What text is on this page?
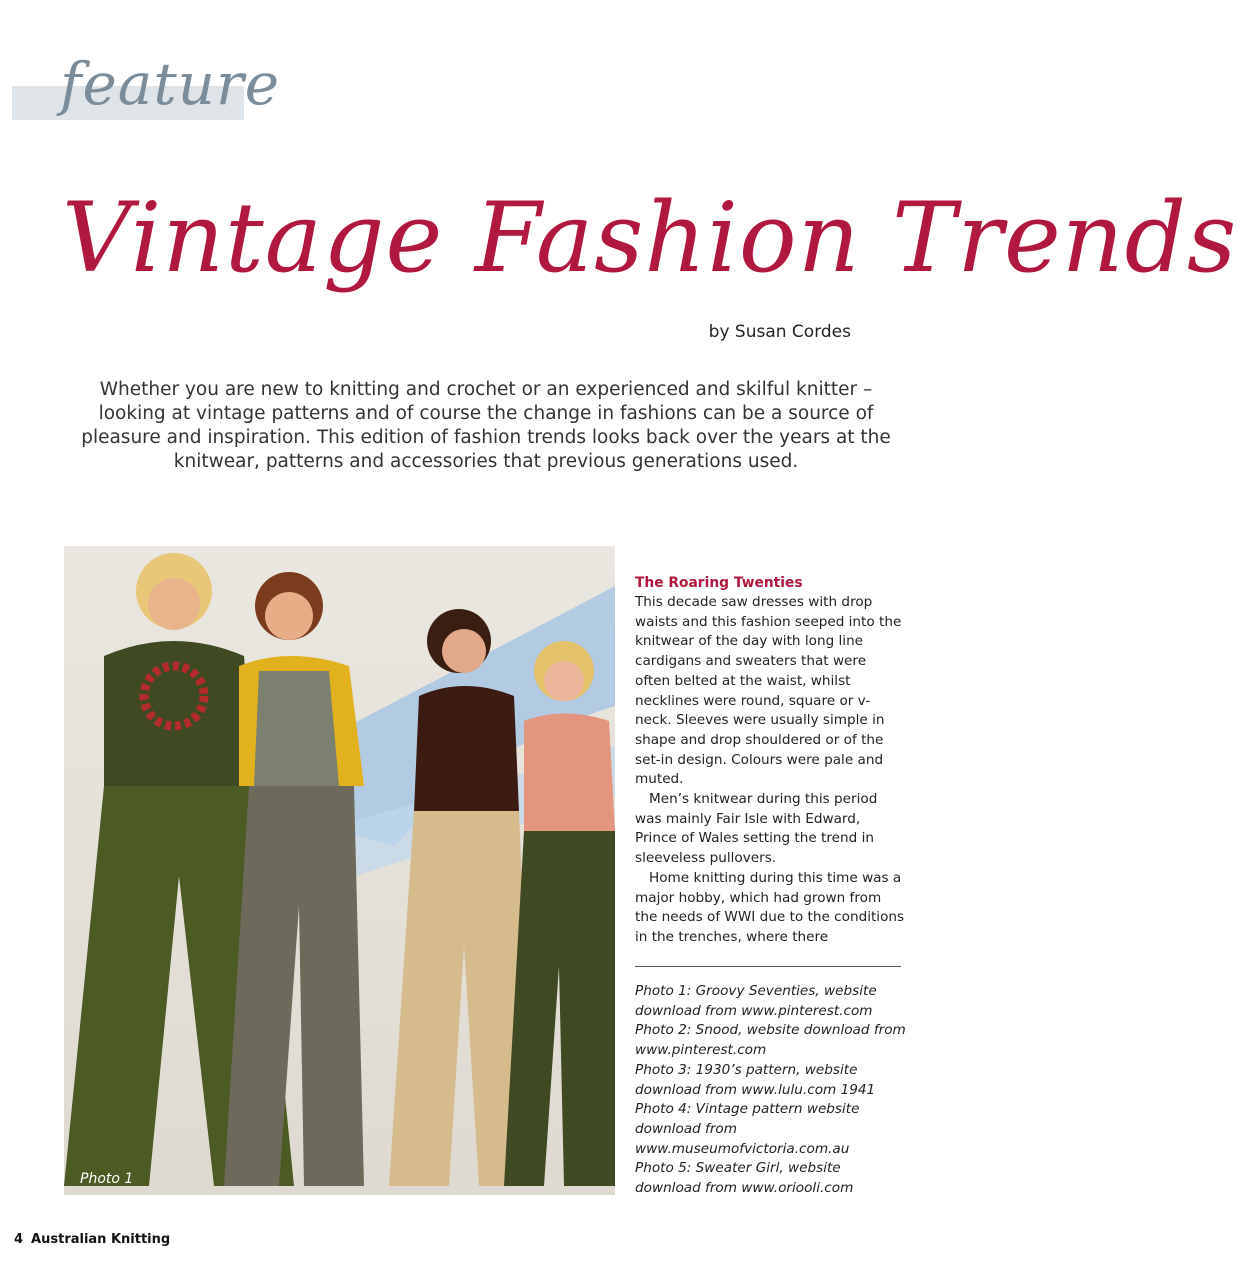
feature
Vintage Fashion Trends
by Susan Cordes
Whether you are new to knitting and crochet or an experienced and skilful knitter – looking at vintage patterns and of course the change in fashions can be a source of pleasure and inspiration. This edition of fashion trends looks back over the years at the knitwear, patterns and accessories that previous generations used.
Photo 1
The Roaring Twenties

This decade saw dresses with drop waists and this fashion seeped into the knitwear of the day with long line cardigans and sweaters that were often belted at the waist, whilst necklines were round, square or v-neck. Sleeves were usually simple in shape and drop shouldered or of the set-in design. Colours were pale and muted.

Men’s knitwear during this period was mainly Fair Isle with Edward, Prince of Wales setting the trend in sleeveless pullovers.

Home knitting during this time was a major hobby, which had grown from the needs of WWI due to the conditions in the trenches, where there

Photo 1: Groovy Seventies, website download from www.pinterest.com
Photo 2: Snood, website download from www.pinterest.com
Photo 3: 1930’s pattern, website download from www.lulu.com 1941
Photo 4: Vintage pattern website download from www.museumofvictoria.com.au
Photo 5: Sweater Girl, website download from www.oriooli.com
4 Australian Knitting
